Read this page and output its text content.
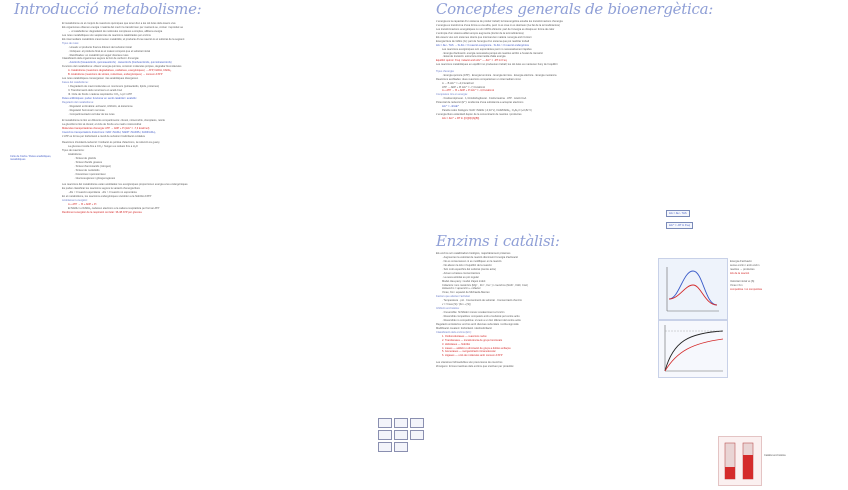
Introducció metabolisme:
Cicle de Krebs / Rutes anabòliques, metabòliques
El metabolisme és el conjunt de reaccions químiques que tenen lloc a les cèl·lules dels éssers vius
Els organismes obtenen energia i matèria del medi i la transformen per mantenir-se, créixer i reproduir-se
→ el catabolisme: degradació de molècules complexes a simples, allibera energia
Les rutes metabòliques són seqüències de reaccions catalitzades per enzims
Els intermediaris metabòlics s'anomenen metabòlits; el producte d'una reacció és el substrat de la següent
Tipus de rutes:
· Lineals: el producte final és diferent del substrat inicial
· Cícliques: el producte final és el mateix compost que el substrat inicial
· Ramificades: un metabòlit pot seguir diverses rutes
Classificació dels organismes segons la font de carboni i d'energia:
· Autòtrofs (fotoautòtrofs, quimioautòtrofs) · Heteròtrofs (fotoheteròtrofs, quimioheteròtrofs)
Funcions del metabolisme: obtenir energia química, construir molècules pròpies, degradar biomolècules
A. Catabolisme (reaccions degradatives, oxidatives, exergòniques) → ATP, NADH, FADH₂
B. Anabolisme (reaccions de síntesi, reductives, endergòniques) → consum d'ATP
Les rutes catabòliques convergeixen i les anabòliques divergeixen
Fases del catabolisme:
I. Degradació de macromolècules en monòmers (polisacàrids, lípids, proteïnes)
II. Transformació dels monòmers en acetil-CoA
III. Cicle de Krebs i cadena respiratòria: CO₂, H₂O i ATP
Rutes anfibòliques: poden funcionar en sentit catabòlic i anabòlic
Regulació del metabolisme:
· Regulació enzimàtica: activació, inhibició, al·losterisme
· Regulació hormonal i nerviosa
· Compartimentació cel·lular de les rutes
El metabolisme té lloc en diferents compartiments: citosol, mitocondris, cloroplasts, reticle
La glucòlisi té lloc al citosol; el cicle de Krebs a la matriu mitocondrial
Molècules transportadores d'energia: ATP → ADP + Pi (ΔG° = -7,3 kcal/mol)
Coenzims transportadors d'electrons: NAD⁺/NADH, NADP⁺/NADPH, FAD/FADH₂
L'ATP es forma per fosforilació a nivell de substrat i fosforilació oxidativa
Reaccions d'oxidació-reducció: l'oxidació és pèrdua d'electrons, la reducció és guany
La glucosa s'oxida fins a CO₂ i l'oxigen es redueix fins a H₂O
Tipus de reaccions:
Anabolisme
· Síntesi de glúcids
· Síntesi d'àcids grassos
· Síntesi d'aminoàcids (nitrogen)
· Síntesi de nucleòtids
· Fotosíntesi i quimiosíntesi
· Gluconeogènesi i glicogenogènesi
Les reaccions del metabolisme estan acoblades: les exergòniques proporcionen energia a les endergòniques
Es poden classificar les reaccions segons la variació d'energia lliure
· ΔG < 0 reacció espontània · ΔG > 0 reacció no espontània
En el metabolisme, les reaccions endergòniques s'acoblen a la hidròlisi d'ATP
Acoblament energètic:
A + ATP → B + ADP + Pi
El NADH i el FADH₂ cedeixen electrons a la cadena respiratòria per formar ATP
Rendiment energètic de la respiració cel·lular: 36-38 ATP per glucosa
Conceptes generals de bioenergètica:
L'energia és la capacitat d'un sistema de produir treball; la bioenergètica estudia les transformacions d'energia
L'energia es transforma d'una forma a una altra, però ni es crea ni es destrueix (1a llei de la termodinàmica)
Les transformacions energètiques no són 100% eficients: part de l'energia es dissipa en forma de calor
L'entropia d'un sistema aïllat sempre augmenta (2a llei de la termodinàmica)
Els éssers vius són sistemes oberts que intercanvien matèria i energia amb l'entorn
Energia lliure de Gibbs (G): part de l'energia d'un sistema que pot realitzar treball
ΔG = ΔH - TΔS → Si ΔG < 0 reacció exergònica · Si ΔG > 0 reacció endergònica
Les reaccions exergòniques són espontànies però no necessàriament ràpides
· Energia d'activació: energia necessària perquè els reactius arribin a l'estat de transició
· Estat de transició: estructura intermèdia d'alta energia
Equilibri químic: K'eq i relació amb ΔG°' — ΔG°' = -RT ln K'eq
Les reaccions metabòliques en equilibri no produeixen treball; les cèl·lules es mantenen lluny de l'equilibri
Tipus d'energia:
· Energia química (ATP) · Energia lumínica · Energia tèrmica · Energia elèctrica · Energia mecànica
Reaccions acoblades: dues reaccions comparteixen un intermediari comú
A → B ΔG°' = +3,3 kcal/mol
ATP → ADP + Pi ΔG°' = -7,3 kcal/mol
A + ATP → B + ADP + Pi ΔG°' = -4,0 kcal/mol
Compostos rics en energia:
· Fosfoenolpiruvat · 1,3-bisfosfoglicerat · Fosfocreatina · ATP · Acetil-CoA
Potencial de reducció (E°'): tendència d'una substància a acceptar electrons
ΔG°' = -nFΔE°'
Parells redox biològics: NAD⁺/NADH (-0,32 V), FAD/FADH₂, O₂/H₂O (+0,82 V)
L'energia lliure estàndard depèn de la concentració de reactius i productes
ΔG = ΔG°' + RT ln ([C][D]/[A][B])
ΔG = ΔH - TΔS
ΔG°' = -RT ln K'eq
Enzims i catàlisi:
Els enzims són catalitzadors biològics, majoritàriament proteïnes
· Augmenten la velocitat de reacció disminuint l'energia d'activació
· No es consumeixen ni es modifiquen en la reacció
· No alteren la ΔG ni l'equilibri de la reacció
· Són molt específics del substrat (centre actiu)
· Actuen a baixes concentracions
· La seva activitat es pot regular
Model clau-pany i model d'ajust induït
Cofactors: ions metàl·lics (Mg²⁺, Zn²⁺, Fe²⁺) i coenzims (NAD⁺, FAD, CoA)
Holoenzim = apoenzim + cofactor
Vmax, Km i equació de Michaelis-Menten
Factors que afecten l'activitat:
· Temperatura · pH · Concentració de substrat · Concentració d'enzim
v = Vmax [S] / (Km + [S])
Inhibició enzimàtica:
· Irreversible: l'inhibidor s'uneix covalentment a l'enzim
· Reversible competitiva: competeix amb el substrat pel centre actiu
· Reversible no competitiva: s'uneix a un lloc diferent del centre actiu
Regulació al·lostèrica: enzims amb diverses subunitats i corba sigmoide
Modificació covalent: fosforilació i desfosforilació
Classificació dels enzims (EC):
1. Oxidoreductases — reaccions redox
2. Transferases — transferència de grups funcionals
3. Hidrolases — hidròlisi
4. Liases — addició o eliminació de grups a dobles enllaços
5. Isomerases — reorganització intramolecular
6. Lligases — unió de molècules amb consum d'ATP
Les vitamines hidrosolubles són precursores de coenzims
Zimògens: formes inactives dels enzims que s'activen per proteòlisi
Energia d'activació
sense enzim / amb enzim
reactius → productes
ΔG de la reacció
Velocitat inicial vs [S]
Vmax i Km
competitiva / no competitiva
Catàlisi enzimàtica
